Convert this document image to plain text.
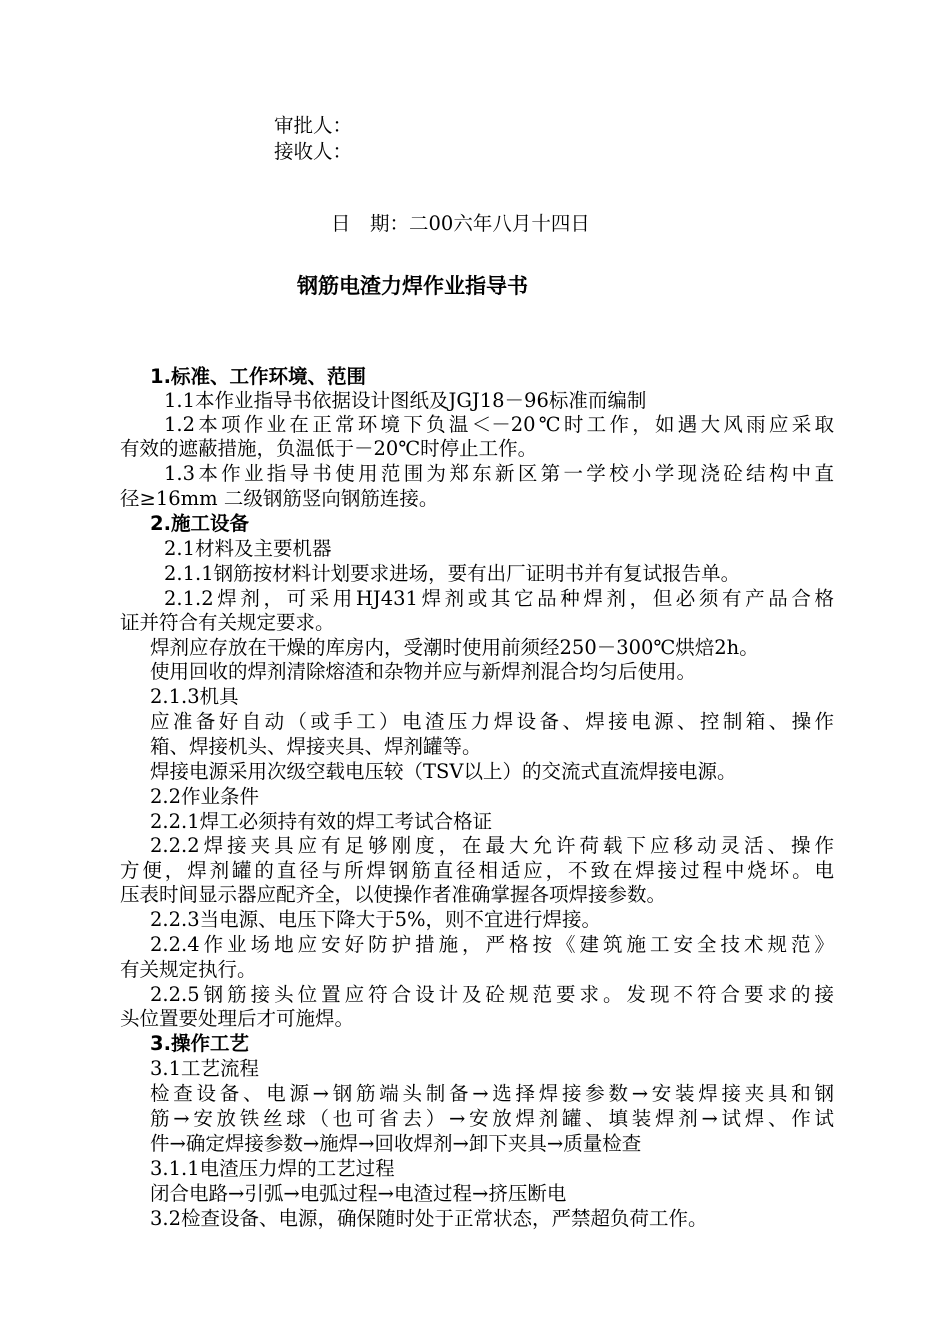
审批人：

接收人：

日　期：二00六年八月十四日

钢筋电渣力焊作业指导书

1.标准、工作环境、范围

1.1本作业指导书依据设计图纸及JGJ18－96标准而编制

1.2本项作业在正常环境下负温＜－20℃时工作，如遇大风雨应采取

有效的遮蔽措施，负温低于－20℃时停止工作。

1.3本作业指导书使用范围为郑东新区第一学校小学现浇砼结构中直

径≥16mm 二级钢筋竖向钢筋连接。

2.施工设备

2.1材料及主要机器

2.1.1钢筋按材料计划要求进场，要有出厂证明书并有复试报告单。

2.1.2焊剂，可采用HJ431焊剂或其它品种焊剂，但必须有产品合格

证并符合有关规定要求。

焊剂应存放在干燥的库房内，受潮时使用前须经250－300℃烘焙2h。

使用回收的焊剂清除熔渣和杂物并应与新焊剂混合均匀后使用。

2.1.3机具

应准备好自动（或手工）电渣压力焊设备、焊接电源、控制箱、操作

箱、焊接机头、焊接夹具、焊剂罐等。

焊接电源采用次级空载电压较（TSV以上）的交流式直流焊接电源。

2.2作业条件

2.2.1焊工必须持有效的焊工考试合格证

2.2.2焊接夹具应有足够刚度，在最大允许荷载下应移动灵活、操作

方便，焊剂罐的直径与所焊钢筋直径相适应，不致在焊接过程中烧坏。电

压表时间显示器应配齐全，以使操作者准确掌握各项焊接参数。

2.2.3当电源、电压下降大于5%，则不宜进行焊接。

2.2.4作业场地应安好防护措施，严格按《建筑施工安全技术规范》

有关规定执行。

2.2.5钢筋接头位置应符合设计及砼规范要求。发现不符合要求的接

头位置要处理后才可施焊。

3.操作工艺

3.1工艺流程

检查设备、电源→钢筋端头制备→选择焊接参数→安装焊接夹具和钢

筋→安放铁丝球（也可省去）→安放焊剂罐、填装焊剂→试焊、作试

件→确定焊接参数→施焊→回收焊剂→卸下夹具→质量检查

3.1.1电渣压力焊的工艺过程

闭合电路→引弧→电弧过程→电渣过程→挤压断电

3.2检查设备、电源，确保随时处于正常状态，严禁超负荷工作。
